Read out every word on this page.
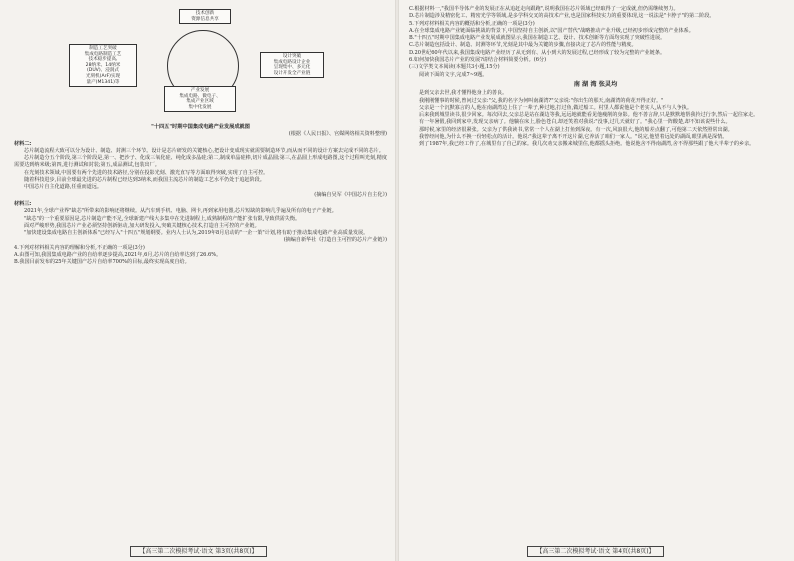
技术创新
资源信息共享
制造工艺突破
集成电路制造工艺
技术稳步提高,
28纳米、14纳米
(DUV)、浸润式
光刻机(ArF)实现
量产(M1341)等
设计突破
集成电路设计企业
呈现集中、多元化
设计开发全产业链
产业发展
集成电路、微电子、
集成产业区域
集中化发展

"十四五"时期中国集成电路产业发展成就图

(根据《人民日报》、官媒网络相关资料整理)

材料二:

芯片制造流程大致可以分为设计、制造、封测三个环节。设计是芯片研发的关键核心,把设计变成现实就需要制造环节,而从而不同的设计方案去完成不同的芯片。

芯片制造分五个阶段,第三个阶段是,第一、把沙子、化成三氧化硅、纯化成多晶硅;第二,制成单晶硅棒,切片成晶圆;第三,在晶圆上形成电路图,这个过程叫光刻,精度需要达到纳米级;第四,进行测试和封装;第五,成品测试,包装出厂。

在光刻技术领域,中国要有两个先进的技术路径,分别在投影光刻、激光直写等方面取得突破,实现了自主可控。

随着科技进步,目前全球最先进的芯片制程已经达到3纳米,而我国主流芯片的制造工艺水平仍处于追赶阶段。

中国芯片自主化道路,任重而道远。

(摘编自吴军《中国芯片自主化》)

材料三:

2021年,全球产业界"缺芯"所带来的影响还将继续。从汽车到手机、电脑、网卡,再到家用电器,芯片短缺的影响几乎遍及所有的电子产业链。

"缺芯"的一个重要原因是,芯片制造产能不足,全球新建产线大多集中在先进制程上,成熟制程的产能扩张有限,导致供需失衡。

面对严峻形势,我国芯片产业必须坚持创新驱动,加大研发投入,突破关键核心技术,打造自主可控的产业链。

"加快建设集成电路自主创新体系"已经写入"十四五"规划纲要。业内人士认为,2019年8月启动的"一企一策"计划,将有助于推动集成电路产业高质量发展。

(摘编自新华社《打造自主可控的芯片产业链》)

4.下列对材料相关内容的理解和分析,不正确的一项是(3分)

A.由图可知,我国集成电路产业的自给率逐步提高,2021年,6月,芯片的自给率达到了26.6%。

B.我国目前发布的25年关键国产芯片自给率700%的目标,最终实现高度自给。

【高三第二次模拟考试·语文 第3页(共8页)】

C.根据材料一,"我国半导体产业的发展正在从追赶走向跟跑",说明我国在芯片领域已经取得了一定成就,但仍需继续努力。

D.芯片制造涉及精密化工、精密光学等领域,是多学科交叉的高技术产业,也是国家科技实力的重要体现,这一说法是"卡脖子"的第二阶段。

5.下列对材料相关内容的概括和分析,正确的一项是(3分)

A.在全球集成电路产业链面临挑战的背景下,中国坚持自主创新,以"国产替代"战略推动产业升级,已经初步形成完整的产业体系。

B."十四五"时期中国集成电路产业发展成就图显示,我国在制造工艺、设计、技术创新等方面均实现了突破性进展。

C.芯片制造包括设计、制造、封测等环节,光刻是其中最为关键的步骤,直接决定了芯片的性能与精度。

D.20世纪60年代以来,我国集成电路产业经历了从无到有、从小到大的发展过程,已经形成了较为完整的产业链条。

6.如何加快我国芯片产业的发展?请结合材料简要分析。(6分)

(三)文学类文本阅读(本题共3小题,15分)

阅读下面的文字,完成7~9题。

南 湖 湾 张灵均

是到父亲去世,我才懂得他身上的善良。

我刚刚懂事的时候,曾问过父亲:"父,我的名字为何叫南湖湾?"父亲说:"你出生的那天,南湖湾的荷花开得正好。"

父亲是一个沉默寡言的人,他在南湖湾边上住了一辈子,种过地,打过鱼,做过船工。村里人都说他是个老实人,从不与人争执。

后来我到城里读书,很少回家。每次回去,父亲总是站在湖边等我,远远地就能看见他瘦削的身影。他不善言辞,只是默默地帮我拎过行李,然后一起往家走。

有一年暑假,我回到家中,发现父亲病了。他躺在床上,脸色苍白,却还笑着对我说:"没事,过几天就好了。"我心里一阵酸楚,却不知该说些什么。

那时候,家里的经济很紧张。父亲为了供我读书,常常一个人在湖上打鱼到深夜。有一次,风浪很大,他的船差点翻了,可他第二天依然照常出湖。

我曾经问他,为什么不换一份轻松点的活计。他说:"我这辈子离不开这片湖,它养活了咱们一家人。"说完,他望着远处的湖面,眼里满是深情。

到了1987年,我已经工作了,在城里有了自己的家。我几次劝父亲搬来城里住,他都摇头拒绝。他说他舍不得南湖湾,舍不得那些跟了他大半辈子的乡亲。

【高三第二次模拟考试·语文 第4页(共8页)】
